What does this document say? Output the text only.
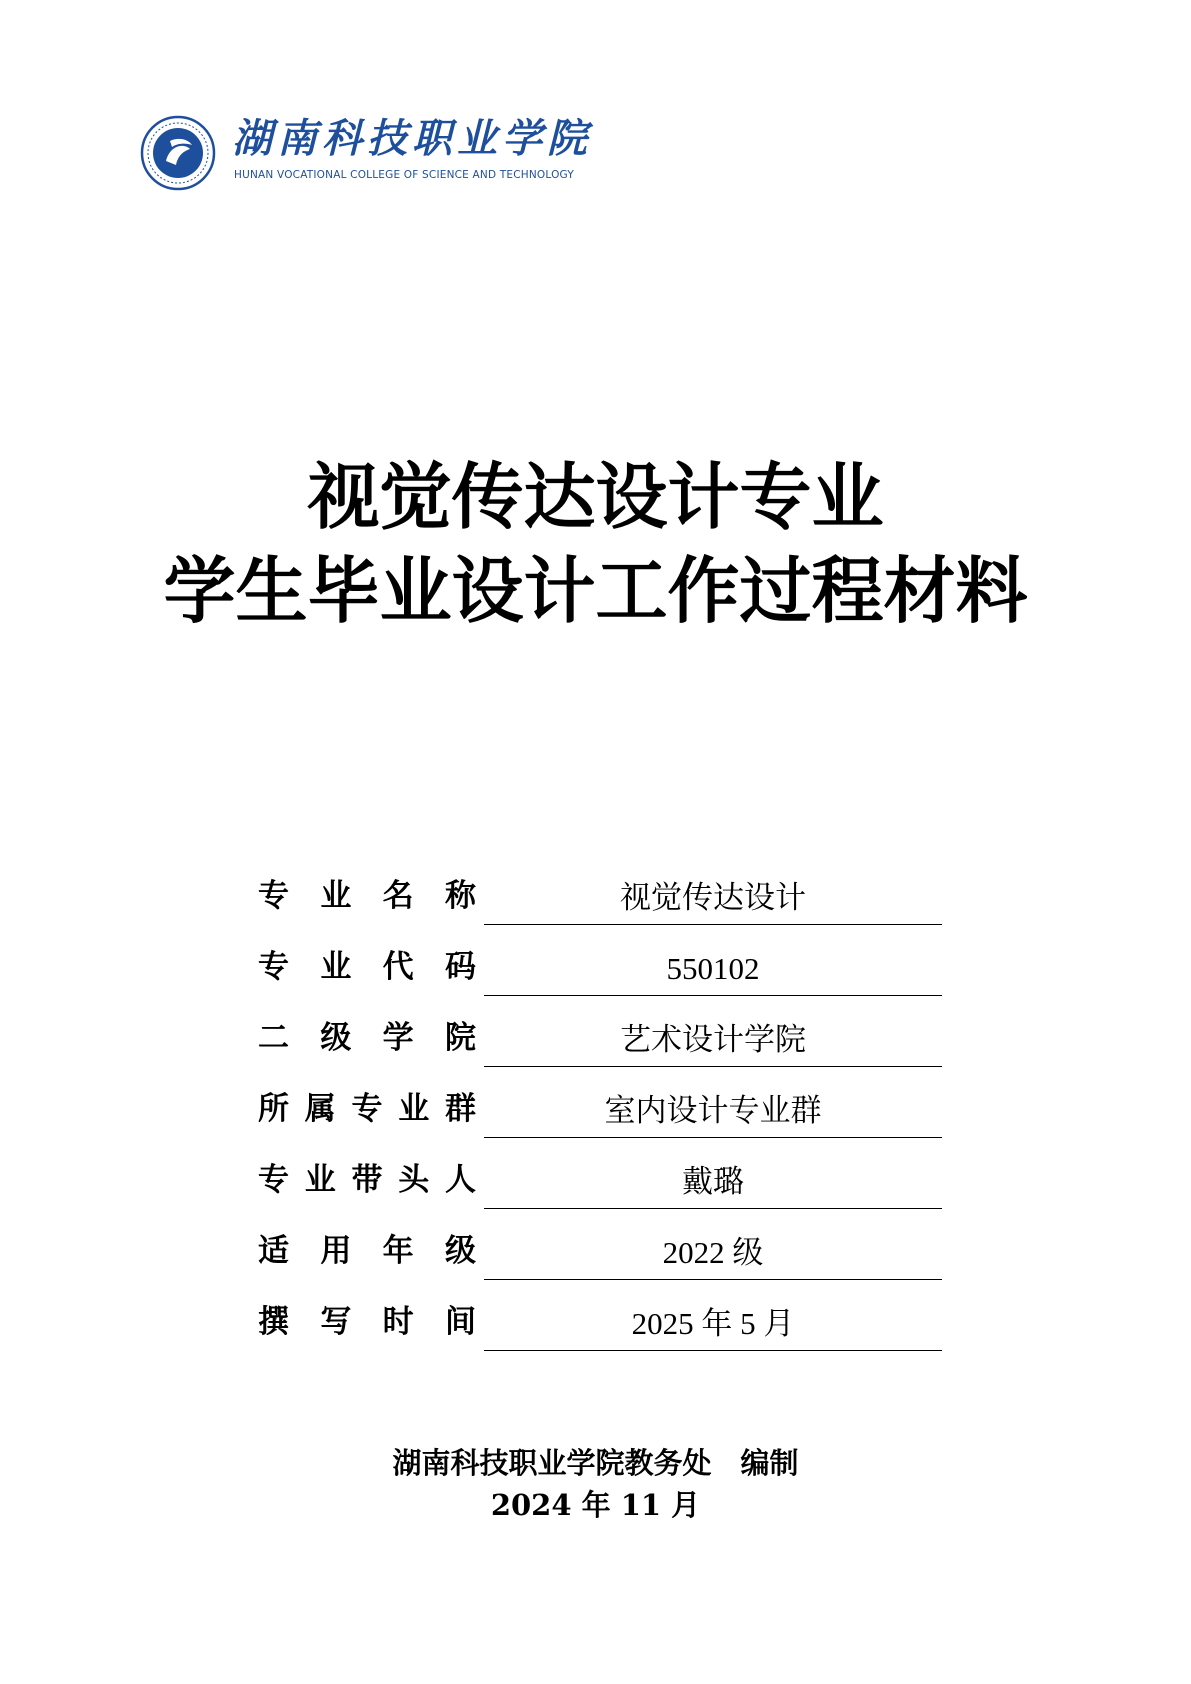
湖南科技职业学院
HUNAN VOCATIONAL COLLEGE OF SCIENCE AND TECHNOLOGY
视觉传达设计专业
学生毕业设计工作过程材料
专业名称	视觉传达设计
专业代码	550102
二级学院	艺术设计学院
所属专业群	室内设计专业群
专业带头人	戴璐
适用年级	2022 级
撰写时间	2025 年 5 月
湖南科技职业学院教务处　编制
2024 年 11 月
